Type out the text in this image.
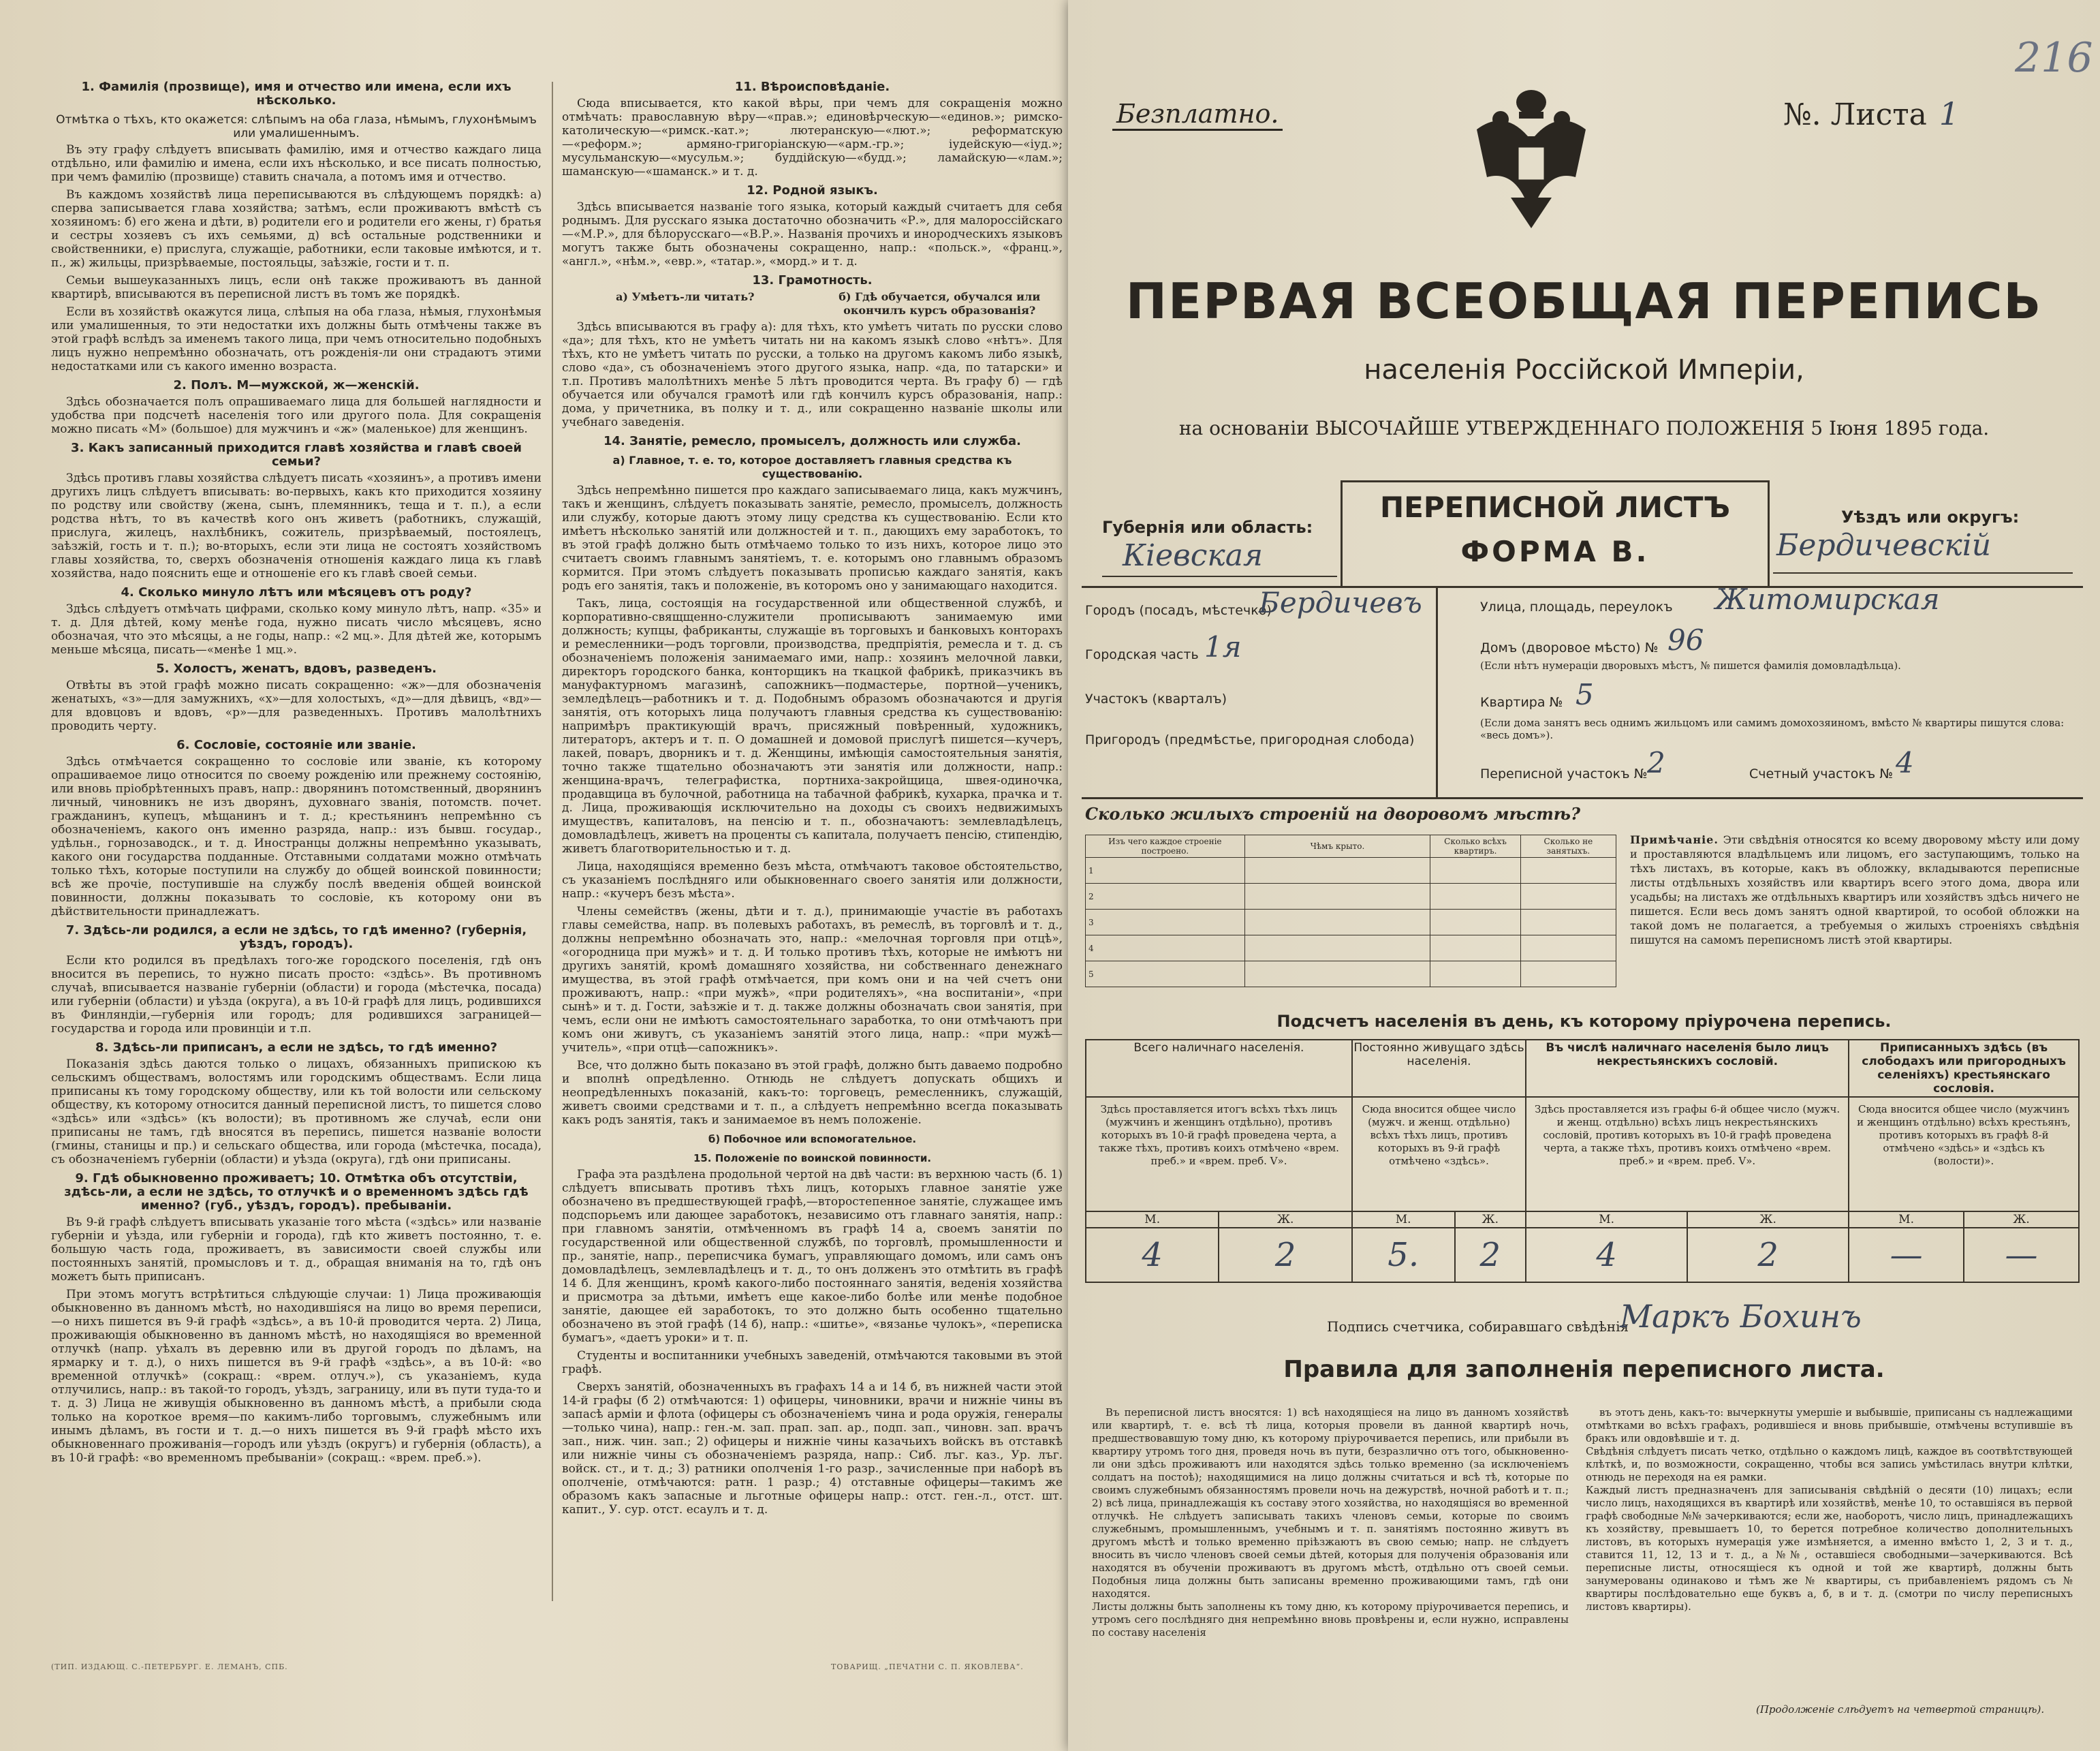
1. Фамилія (прозвище), имя и отчество или имена, если ихъ нѣсколько.
Отмѣтка о тѣхъ, кто окажется: слѣпымъ на оба глаза, нѣмымъ, глухонѣмымъ или умалишеннымъ.

Въ эту графу слѣдуетъ вписывать фамилію, имя и отчество каждаго лица отдѣльно, или фамилію и имена, если ихъ нѣсколько, и все писать полностью, при чемъ фамилію (прозвище) ставить сначала, а потомъ имя и отчество.

Въ каждомъ хозяйствѣ лица переписываются въ слѣдующемъ порядкѣ: а) сперва записывается глава хозяйства; затѣмъ, если проживаютъ вмѣстѣ съ хозяиномъ: б) его жена и дѣти, в) родители его и родители его жены, г) братья и сестры хозяевъ съ ихъ семьями, д) всѣ остальные родственники и свойственники, е) прислуга, служащіе, работники, если таковые имѣются, и т. п., ж) жильцы, призрѣваемые, постояльцы, заѣзжіе, гости и т. п.

Семьи вышеуказанныхъ лицъ, если онѣ также проживаютъ въ данной квартирѣ, вписываются въ переписной листъ въ томъ же порядкѣ.

Если въ хозяйствѣ окажутся лица, слѣпыя на оба глаза, нѣмыя, глухонѣмыя или умалишенныя, то эти недостатки ихъ должны быть отмѣчены также въ этой графѣ вслѣдъ за именемъ такого лица, при чемъ относительно подобныхъ лицъ нужно непремѣнно обозначать, отъ рожденія-ли они страдаютъ этими недостатками или съ какого именно возраста.

2. Полъ. М—мужской, ж—женскій.

Здѣсь обозначается полъ опрашиваемаго лица для большей наглядности и удобства при подсчетѣ населенія того или другого пола. Для сокращенія можно писать «М» (большое) для мужчинъ и «ж» (маленькое) для женщинъ.

3. Какъ записанный приходится главѣ хозяйства и главѣ своей семьи?

Здѣсь противъ главы хозяйства слѣдуетъ писать «хозяинъ», а противъ имени другихъ лицъ слѣдуетъ вписывать: во-первыхъ, какъ кто приходится хозяину по родству или свойству (жена, сынъ, племянникъ, теща и т. п.), а если родства нѣтъ, то въ качествѣ кого онъ живетъ (работникъ, служащій, прислуга, жилецъ, нахлѣбникъ, сожитель, призрѣваемый, постоялецъ, заѣзжій, гость и т. п.); во-вторыхъ, если эти лица не состоятъ хозяйствомъ главы хозяйства, то, сверхъ обозначенія отношенія каждаго лица къ главѣ хозяйства, надо пояснить еще и отношеніе его къ главѣ своей семьи.

4. Сколько минуло лѣтъ или мѣсяцевъ отъ роду?

Здѣсь слѣдуетъ отмѣчать цифрами, сколько кому минуло лѣтъ, напр. «35» и т. д. Для дѣтей, кому менѣе года, нужно писать число мѣсяцевъ, ясно обозначая, что это мѣсяцы, а не годы, напр.: «2 мц.». Для дѣтей же, которымъ меньше мѣсяца, писать—«менѣе 1 мц.».

5. Холостъ, женатъ, вдовъ, разведенъ.

Отвѣты въ этой графѣ можно писать сокращенно: «ж»—для обозначенія женатыхъ, «з»—для замужнихъ, «х»—для холостыхъ, «д»—для дѣвицъ, «вд»—для вдовцовъ и вдовъ, «р»—для разведенныхъ. Противъ малолѣтнихъ проводить черту.

6. Сословіе, состояніе или званіе.

Здѣсь отмѣчается сокращенно то сословіе или званіе, къ которому опрашиваемое лицо относится по своему рожденію или прежнему состоянію, или вновь пріобрѣтенныхъ правъ, напр.: дворянинъ потомственный, дворянинъ личный, чиновникъ не изъ дворянъ, духовнаго званія, потомств. почет. гражданинъ, купецъ, мѣщанинъ и т. д.; крестьянинъ непремѣнно съ обозначеніемъ, какого онъ именно разряда, напр.: изъ бывш. государ., удѣльн., горнозаводск., и т. д. Иностранцы должны непремѣнно указывать, какого они государства подданные. Отставными солдатами можно отмѣчать только тѣхъ, которые поступили на службу до общей воинской повинности; всѣ же прочіе, поступившіе на службу послѣ введенія общей воинской повинности, должны показывать то сословіе, къ которому они въ дѣйствительности принадлежатъ.

7. Здѣсь-ли родился, а если не здѣсь, то гдѣ именно? (губернія, уѣздъ, городъ).

Если кто родился въ предѣлахъ того-же городского поселенія, гдѣ онъ вносится въ перепись, то нужно писать просто: «здѣсь». Въ противномъ случаѣ, вписывается названіе губерніи (области) и города (мѣстечка, посада) или губерніи (области) и уѣзда (округа), а въ 10-й графѣ для лицъ, родившихся въ Финляндіи,—губернія или городъ; для родившихся заграницей—государства и города или провинціи и т.п.

8. Здѣсь-ли приписанъ, а если не здѣсь, то гдѣ именно?

Показанія здѣсь даются только о лицахъ, обязанныхъ припискою къ сельскимъ обществамъ, волостямъ или городскимъ обществамъ. Если лица приписаны къ тому городскому обществу, или къ той волости или сельскому обществу, къ которому относится данный переписной листъ, то пишется слово «здѣсь» или «здѣсь» (къ волости); въ противномъ же случаѣ, если они приписаны не тамъ, гдѣ вносятся въ перепись, пишется названіе волости (гмины, станицы и пр.) и сельскаго общества, или города (мѣстечка, посада), съ обозначеніемъ губерніи (области) и уѣзда (округа), гдѣ они приписаны.

9. Гдѣ обыкновенно проживаетъ; 10. Отмѣтка объ отсутствіи, здѣсь-ли, а если не здѣсь, то отлучкѣ и о временномъ здѣсь гдѣ именно? (губ., уѣздъ, городъ). пребываніи.

Въ 9-й графѣ слѣдуетъ вписывать указаніе того мѣста («здѣсь» или названіе губерніи и уѣзда, или губерніи и города), гдѣ кто живетъ постоянно, т. е. большую часть года, проживаетъ, въ зависимости своей службы или постоянныхъ занятій, промысловъ и т. д., обращая вниманія на то, гдѣ онъ можетъ быть приписанъ.

При этомъ могутъ встрѣтиться слѣдующіе случаи: 1) Лица проживающія обыкновенно въ данномъ мѣстѣ, но находившіяся на лицо во время переписи,—о нихъ пишется въ 9-й графѣ «здѣсь», а въ 10-й проводится черта. 2) Лица, проживающія обыкновенно въ данномъ мѣстѣ, но находящіяся во временной отлучкѣ (напр. уѣхалъ въ деревню или въ другой городъ по дѣламъ, на ярмарку и т. д.), о нихъ пишется въ 9-й графѣ «здѣсь», а въ 10-й: «во временной отлучкѣ» (сокращ.: «врем. отлуч.»), съ указаніемъ, куда отлучились, напр.: въ такой-то городъ, уѣздъ, заграницу, или въ пути туда-то и т. д. 3) Лица не живущія обыкновенно въ данномъ мѣстѣ, а прибыли сюда только на короткое время—по какимъ-либо торговымъ, служебнымъ или инымъ дѣламъ, въ гости и т. д.—о нихъ пишется въ 9-й графѣ мѣсто ихъ обыкновеннаго проживанія—городъ или уѣздъ (округъ) и губернія (область), а въ 10-й графѣ: «во временномъ пребываніи» (сокращ.: «врем. преб.»).

11. Вѣроисповѣданіе.

Сюда вписывается, кто какой вѣры, при чемъ для сокращенія можно отмѣчать: православную вѣру—«прав.»; единовѣрческую—«единов.»; римско-католическую—«римск.-кат.»; лютеранскую—«лют.»; реформатскую—«реформ.»; армяно-григоріанскую—«арм.-гр.»; іудейскую—«іуд.»; мусульманскую—«мусульм.»; буддійскую—«будд.»; ламайскую—«лам.»; шаманскую—«шаманск.» и т. д.

12. Родной языкъ.

Здѣсь вписывается названіе того языка, который каждый считаетъ для себя роднымъ. Для русскаго языка достаточно обозначить «Р.», для малороссійскаго—«М.Р.», для бѣлорусскаго—«В.Р.». Названія прочихъ и инородческихъ языковъ могутъ также быть обозначены сокращенно, напр.: «польск.», «франц.», «англ.», «нѣм.», «евр.», «татар.», «морд.» и т. д.

13. Грамотность.
а) Умѣетъ-ли читать?	б) Гдѣ обучается, обучался или окончилъ курсъ образованія?

Здѣсь вписываются въ графу а): для тѣхъ, кто умѣетъ читать по русски слово «да»; для тѣхъ, кто не умѣетъ читать ни на какомъ языкѣ слово «нѣтъ». Для тѣхъ, кто не умѣетъ читать по русски, а только на другомъ какомъ либо языкѣ, слово «да», съ обозначеніемъ этого другого языка, напр. «да, по татарски» и т.п. Противъ малолѣтнихъ менѣе 5 лѣтъ проводится черта. Въ графу б) — гдѣ обучается или обучался грамотѣ или гдѣ кончилъ курсъ образованія, напр.: дома, у причетника, въ полку и т. д., или сокращенно названіе школы или учебнаго заведенія.

14. Занятіе, ремесло, промыселъ, должность или служба.
а) Главное, т. е. то, которое доставляетъ главныя средства къ существованію.

Здѣсь непремѣнно пишется про каждаго записываемаго лица, какъ мужчинъ, такъ и женщинъ, слѣдуетъ показывать занятіе, ремесло, промыселъ, должность или службу, которые даютъ этому лицу средства къ существованію. Если кто имѣетъ нѣсколько занятій или должностей и т. п., дающихъ ему заработокъ, то въ этой графѣ должно быть отмѣчаемо только то изъ нихъ, которое лицо это считаетъ своимъ главнымъ занятіемъ, т. е. которымъ оно главнымъ образомъ кормится. При этомъ слѣдуетъ показывать прописью каждаго занятія, какъ родъ его занятія, такъ и положеніе, въ которомъ оно у занимающаго находится.

Такъ, лица, состоящія на государственной или общественной службѣ, и корпоративно-свящщенно-служители прописываютъ занимаемую ими должность; купцы, фабриканты, служащіе въ торговыхъ и банковыхъ конторахъ и ремесленники—родъ торговли, производства, предпріятія, ремесла и т. д. съ обозначеніемъ положенія занимаемаго ими, напр.: хозяинъ мелочной лавки, директоръ городского банка, конторщикъ на ткацкой фабрикѣ, приказчикъ въ мануфактурномъ магазинѣ, сапожникъ—подмастерье, портной—ученикъ, земледѣлецъ—работникъ и т. д. Подобнымъ образомъ обозначаются и другія занятія, отъ которыхъ лица получаютъ главныя средства къ существованію: напримѣръ практикующій врачъ, присяжный повѣренный, художникъ, литераторъ, актеръ и т. п. О домашней и домовой прислугѣ пишется—кучеръ, лакей, поваръ, дворникъ и т. д. Женщины, имѣющія самостоятельныя занятія, точно также тщательно обозначаютъ эти занятія или должности, напр.: женщина-врачъ, телеграфистка, портниха-закройщица, швея-одиночка, продавщица въ булочной, работница на табачной фабрикѣ, кухарка, прачка и т. д. Лица, проживающія исключительно на доходы съ своихъ недвижимыхъ имуществъ, капиталовъ, на пенсію и т. п., обозначаютъ: землевладѣлецъ, домовладѣлецъ, живетъ на проценты съ капитала, получаетъ пенсію, стипендію, живетъ благотворительностью и т. д.

Лица, находящіяся временно безъ мѣста, отмѣчаютъ таковое обстоятельство, съ указаніемъ послѣдняго или обыкновеннаго своего занятія или должности, напр.: «кучеръ безъ мѣста».

Члены семействъ (жены, дѣти и т. д.), принимающіе участіе въ работахъ главы семейства, напр. въ полевыхъ работахъ, въ ремеслѣ, въ торговлѣ и т. д., должны непремѣнно обозначать это, напр.: «мелочная торговля при отцѣ», «огородница при мужѣ» и т. д. И только противъ тѣхъ, которые не имѣютъ ни другихъ занятій, кромѣ домашняго хозяйства, ни собственнаго денежнаго имущества, въ этой графѣ отмѣчается, при комъ они и на чей счетъ они проживаютъ, напр.: «при мужѣ», «при родителяхъ», «на воспитаніи», «при сынѣ» и т. д. Гости, заѣзжіе и т. д. также должны обозначать свои занятія, при чемъ, если они не имѣютъ самостоятельнаго заработка, то они отмѣчаютъ при комъ они живутъ, съ указаніемъ занятій этого лица, напр.: «при мужѣ—учитель», «при отцѣ—сапожникъ».

Все, что должно быть показано въ этой графѣ, должно быть даваемо подробно и вполнѣ опредѣленно. Отнюдь не слѣдуетъ допускать общихъ и неопредѣленныхъ показаній, какъ-то: торговецъ, ремесленникъ, служащій, живетъ своими средствами и т. п., а слѣдуетъ непремѣнно всегда показывать какъ родъ занятія, такъ и занимаемое въ немъ положеніе.

б) Побочное или вспомогательное.
15. Положеніе по воинской повинности.

Графа эта раздѣлена продольной чертой на двѣ части: въ верхнюю часть (б. 1) слѣдуетъ вписывать противъ тѣхъ лицъ, которыхъ главное занятіе уже обозначено въ предшествующей графѣ,—второстепенное занятіе, служащее имъ подспорьемъ или дающее заработокъ, независимо отъ главнаго занятія, напр.: при главномъ занятіи, отмѣченномъ въ графѣ 14 а, своемъ занятіи по государственной или общественной службѣ, по торговлѣ, промышленности и пр., занятіе, напр., переписчика бумагъ, управляющаго домомъ, или самъ онъ домовладѣлецъ, землевладѣлецъ и т. д., то онъ долженъ это отмѣтить въ графѣ 14 б. Для женщинъ, кромѣ какого-либо постояннаго занятія, веденія хозяйства и присмотра за дѣтьми, имѣетъ еще какое-либо болѣе или менѣе подобное занятіе, дающее ей заработокъ, то это должно быть особенно тщательно обозначено въ этой графѣ (14 б), напр.: «шитье», «вязанье чулокъ», «переписка бумагъ», «даетъ уроки» и т. п.

Студенты и воспитанники учебныхъ заведеній, отмѣчаются таковыми въ этой графѣ.

Сверхъ занятій, обозначенныхъ въ графахъ 14 а и 14 б, въ нижней части этой 14-й графы (б 2) отмѣчаются: 1) офицеры, чиновники, врачи и нижніе чины въ запасѣ арміи и флота (офицеры съ обозначеніемъ чина и рода оружія, генералы—только чина), напр.: ген.-м. зап. прап. зап. ар., подп. зап., чиновн. зап. врачъ зап., ниж. чин. зап.; 2) офицеры и нижніе чины казачьихъ войскъ въ отставкѣ или нижніе чины съ обозначеніемъ разряда, напр.: Сиб. лъг. каз., Ур. лъг. войск. ст., и т. д.; 3) ратники ополченія 1-го разр., зачисленные при наборѣ въ ополченіе, отмѣчаются: ратн. 1 разр.; 4) отставные офицеры—такимъ же образомъ какъ запасные и льготные офицеры напр.: отст. ген.-л., отст. шт. капит., У. сур. отст. есаулъ и т. д.

(ТИП. ИЗДАЮЩ. С.-ПЕТЕРБУРГ. Е. ЛЕМАНЪ, СПБ.	ТОВАРИЩ. „ПЕЧАТНИ С. П. ЯКОВЛЕВА“.
Безплатно.	№. Листа 1
216
ПЕРВАЯ ВСЕОБЩАЯ ПЕРЕПИСЬ
населенія Россійской Имперіи,
на основаніи ВЫСОЧАЙШЕ УТВЕРЖДЕННАГО ПОЛОЖЕНІЯ 5 Іюня 1895 года.
ПЕРЕПИСНОЙ ЛИСТЪ
ФОРМА В.
Губернія или область:
Кіевская
Уѣздъ или округъ:
Бердичевскій
Городъ (посадъ, мѣстечко)
Бердичевъ
Городская часть 1я
Участокъ (кварталъ)
Пригородъ (предмѣстье, пригородная слобода)
Улица, площадь, переулокъ Житомирская
Домъ (дворовое мѣсто) № 96
(Если нѣтъ нумераціи дворовыхъ мѣстъ, № пишется фамилія домовладѣльца).
Квартира № 5
(Если дома занятъ весь однимъ жильцомъ или самимъ домохозяиномъ, вмѣсто № квартиры пишутся слова: «весь домъ»).
Переписной участокъ № 2	Счетный участокъ № 4
Сколько жилыхъ строеній на дворовомъ мѣстѣ?
Изъ чего каждое строеніе построено.	Чѣмъ крыто.	Сколько всѣхъ квартиръ.	Сколько не занятыхъ.
1			
2			
3			
4			
5			
Примѣчаніе. Эти свѣдѣнія относятся ко всему дворовому мѣсту или дому и проставляются владѣльцемъ или лицомъ, его заступающимъ, только на тѣхъ листахъ, въ которые, какъ въ обложку, вкладываются переписные листы отдѣльныхъ хозяйствъ или квартиръ всего этого дома, двора или усадьбы; на листахъ же отдѣльныхъ квартиръ или хозяйствъ здѣсь ничего не пишется. Если весь домъ занятъ одной квартирой, то особой обложки на такой домъ не полагается, а требуемыя о жилыхъ строеніяхъ свѣдѣнія пишутся на самомъ переписномъ листѣ этой квартиры.
Подсчетъ населенія въ день, къ которому пріурочена перепись.
Всего наличнаго населенія.		Постоянно живущаго здѣсь населенія.		Въ числѣ наличнаго населенія было лицъ некрестьянскихъ сословій.		Приписанныхъ здѣсь (въ слободахъ или пригородныхъ селеніяхъ) крестьянскаго сословія.	
Здѣсь проставляется итогъ всѣхъ тѣхъ лицъ (мужчинъ и женщинъ отдѣльно), противъ которыхъ въ 10-й графѣ проведена черта, а также тѣхъ, противъ коихъ отмѣчено «врем. преб.» и «врем. преб. V».		Сюда вносится общее число (мужч. и женщ. отдѣльно) всѣхъ тѣхъ лицъ, противъ которыхъ въ 9-й графѣ отмѣчено «здѣсь».		Здѣсь проставляется изъ графы 6-й общее число (мужч. и женщ. отдѣльно) всѣхъ лицъ некрестьянскихъ сословій, противъ которыхъ въ 10-й графѣ проведена черта, а также тѣхъ, противъ коихъ отмѣчено «врем. преб.» и «врем. преб. V».		Сюда вносится общее число (мужчинъ и женщинъ отдѣльно) всѣхъ крестьянъ, противъ которыхъ въ графѣ 8-й отмѣчено «здѣсь» и «здѣсь къ (волости)».	
М.	Ж.	М.	Ж.	М.	Ж.	М.	Ж.
4	2	5.	2	4	2	—	—
Подпись счетчика, собиравшаго свѣдѣнія
Маркъ Бохинъ
Правила для заполненія переписного листа.

Въ переписной листъ вносятся: 1) всѣ находящіеся на лицо въ данномъ хозяйствѣ или квартирѣ, т. е. всѣ тѣ лица, которыя провели въ данной квартирѣ ночь, предшествовавшую тому дню, къ которому пріурочивается перепись, или прибыли въ квартиру утромъ того дня, проведя ночь въ пути, безразлично отъ того, обыкновенно-ли они здѣсь проживаютъ или находятся здѣсь только временно (за исключеніемъ солдатъ на постоѣ); находящимися на лицо должны считаться и всѣ тѣ, которые по своимъ служебнымъ обязанностямъ провели ночь на дежурствѣ, ночной работѣ и т. п.; 2) всѣ лица, принадлежащія къ составу этого хозяйства, но находящіяся во временной отлучкѣ. Не слѣдуетъ записывать такихъ членовъ семьи, которые по своимъ служебнымъ, промышленнымъ, учебнымъ и т. п. занятіямъ постоянно живутъ въ другомъ мѣстѣ и только временно пріѣзжаютъ въ свою семью; напр. не слѣдуетъ вносить въ число членовъ своей семьи дѣтей, которыя для полученія образованія или находятся въ обученіи проживаютъ въ другомъ мѣстѣ, отдѣльно отъ своей семьи. Подобныя лица должны быть записаны временно проживающими тамъ, гдѣ они находятся.
Листы должны быть заполнены къ тому дню, къ которому пріурочивается перепись, и утромъ сего послѣдняго дня непремѣнно вновь провѣрены и, если нужно, исправлены по составу населенія

въ этотъ день, какъ-то: вычеркнуты умершіе и выбывшіе, приписаны съ надлежащими отмѣтками во всѣхъ графахъ, родившіеся и вновь прибывшіе, отмѣчены вступившіе въ бракъ или овдовѣвшіе и т. д.
Свѣдѣнія слѣдуетъ писать четко, отдѣльно о каждомъ лицѣ, каждое въ соотвѣтствующей клѣткѣ, и, по возможности, сокращенно, чтобы вся запись умѣстилась внутри клѣтки, отнюдь не переходя на ея рамки.
Каждый листъ предназначенъ для записыванія свѣдѣній о десяти (10) лицахъ; если число лицъ, находящихся въ квартирѣ или хозяйствѣ, менѣе 10, то оставшіяся въ первой графѣ свободные №№ зачеркиваются; если же, наоборотъ, число лицъ, принадлежащихъ къ хозяйству, превышаетъ 10, то берется потребное количество дополнительныхъ листовъ, въ которыхъ нумерація уже измѣняется, а именно вмѣсто 1, 2, 3 и т. д., ставится 11, 12, 13 и т. д., а №№, оставшіеся свободными—зачеркиваются. Всѣ переписные листы, относящіеся къ одной и той же квартирѣ, должны быть занумерованы одинаково и тѣмъ же № квартиры, съ прибавленіемъ рядомъ съ № квартиры послѣдовательно еще буквъ а, б, в и т. д. (смотри по числу переписныхъ листовъ квартиры).

(Продолженіе слѣдуетъ на четвертой страницѣ).
